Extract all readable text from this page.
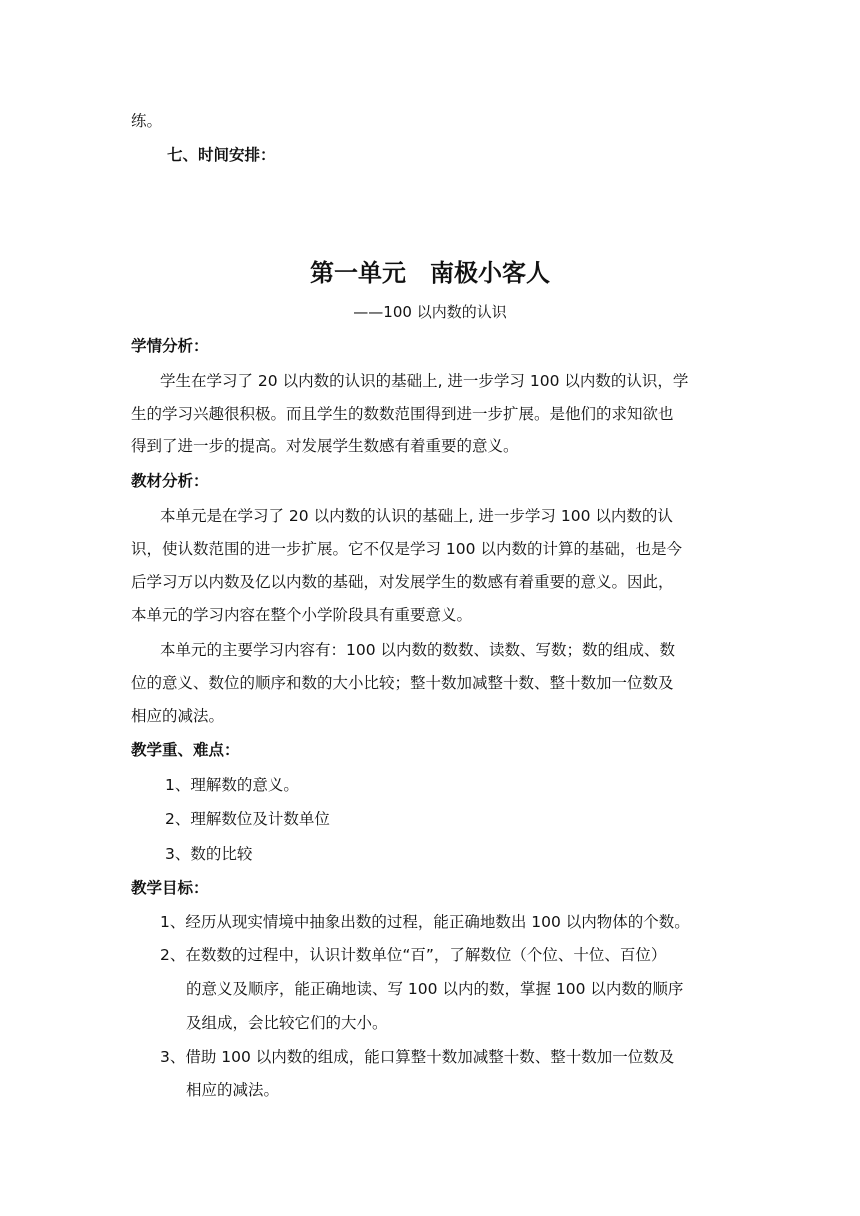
练。
七、时间安排：
第一单元　南极小客人
——100 以内数的认识
学情分析：
学生在学习了 20 以内数的认识的基础上, 进一步学习 100 以内数的认识，学
生的学习兴趣很积极。而且学生的数数范围得到进一步扩展。是他们的求知欲也
得到了进一步的提高。对发展学生数感有着重要的意义。
教材分析：
本单元是在学习了 20 以内数的认识的基础上, 进一步学习 100 以内数的认
识，使认数范围的进一步扩展。它不仅是学习 100 以内数的计算的基础，也是今
后学习万以内数及亿以内数的基础，对发展学生的数感有着重要的意义。因此，
本单元的学习内容在整个小学阶段具有重要意义。
本单元的主要学习内容有：100 以内数的数数、读数、写数；数的组成、数
位的意义、数位的顺序和数的大小比较；整十数加减整十数、整十数加一位数及
相应的减法。
教学重、难点：
1、理解数的意义。
2、理解数位及计数单位
3、数的比较
教学目标：
1、经历从现实情境中抽象出数的过程，能正确地数出 100 以内物体的个数。
2、在数数的过程中，认识计数单位“百”，了解数位（个位、十位、百位）
的意义及顺序，能正确地读、写 100 以内的数，掌握 100 以内数的顺序
及组成，会比较它们的大小。
3、借助 100 以内数的组成，能口算整十数加减整十数、整十数加一位数及
相应的减法。
